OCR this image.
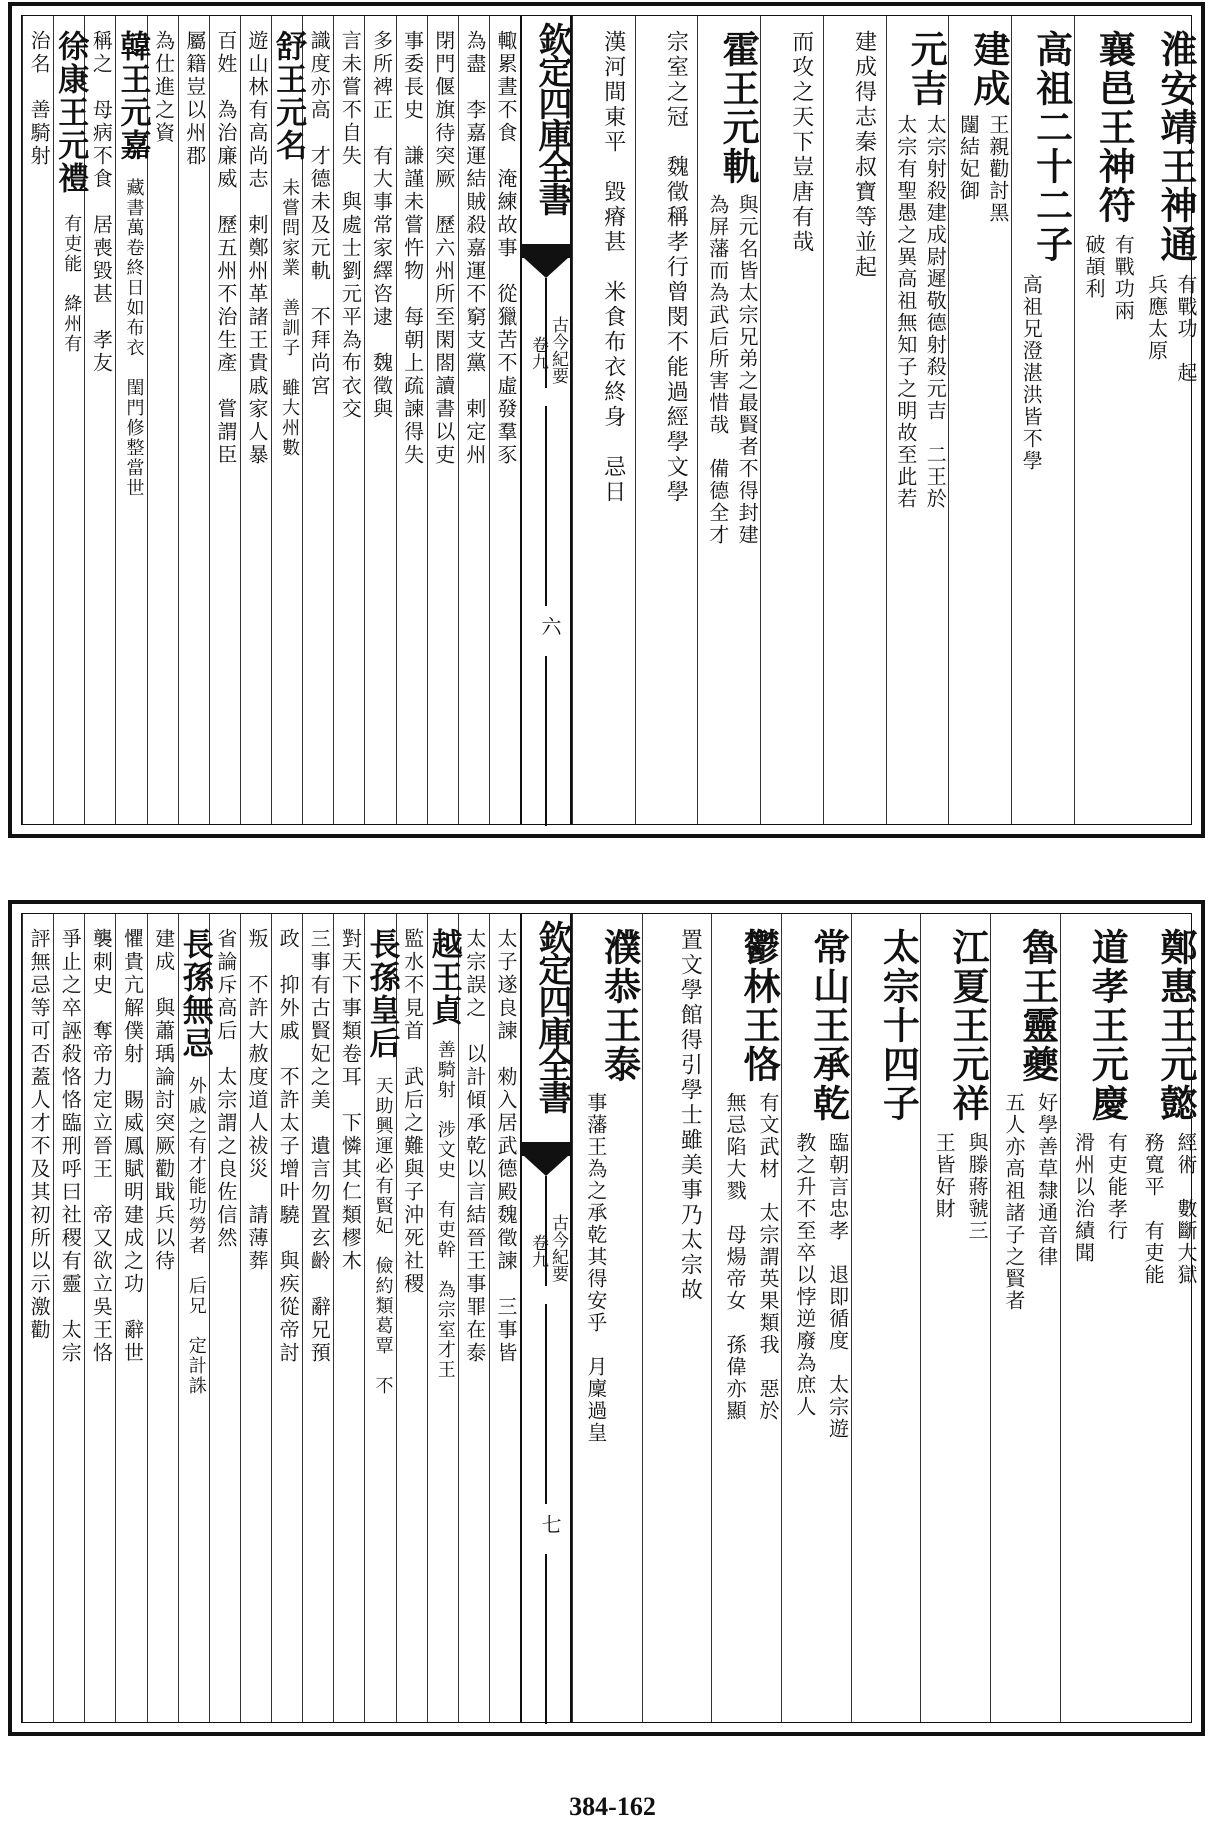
淮安靖王神通
有戰功　起
兵應太原
襄邑王神符
有戰功兩
破頡利
高祖二十二子
高祖兄澄湛洪皆不學
建成
王親勸討黑
闥結妃御
元吉
太宗射殺建成尉遲敬德射殺元吉　二王於
太宗有聖愚之異高祖無知子之明故至此若
建成得志秦叔寶等並起
而攻之天下豈唐有哉
霍王元軌
與元名皆太宗兄弟之最賢者不得封建
為屏藩而為武后所害惜哉　備德全才
宗室之冠　魏徵稱孝行曾閔不能過經學文學
漢河間東平　毀瘠甚　米食布衣終身　忌日
欽定四庫全書
卷九 古今紀要
六
輙累晝不食　淹練故事　從獵苦不虛發羣豕
為盡　李嘉運結賊殺嘉運不窮支黨　剌定州
閉門偃旗待突厥　歷六州所至閑閤讀書以吏
事委長史　謙謹未嘗忤物　每朝上疏諫得失
多所裨正　有大事常家繹咨逮　魏徵與
言未嘗不自失　與處士劉元平為布衣交
識度亦高　才德未及元軌　不拜尚宮
舒王元名
未嘗問家業　善訓子　雖大州數
遊山林有高尚志　剌鄭州革諸王貴戚家人暴
百姓　為治廉威　歷五州不治生產　嘗謂臣
屬籍豈以州郡
為仕進之資
韓王元嘉
藏書萬卷終日如布衣　閨門修整當世
稱之　母病不食　居喪毀甚　孝友
徐康王元禮
有吏能　絳州有
治名　善騎射
鄭惠王元懿
經術　數斷大獄
務寬平　有吏能
道孝王元慶
有吏能孝行
滑州以治績聞
魯王靈夔
好學善草隸通音律
五人亦高祖諸子之賢者
江夏王元祥
與滕蔣虢三
王皆好財
太宗十四子
常山王承乾
臨朝言忠孝　退即循度　太宗遊
教之升不至卒以悖逆廢為庶人
鬱林王恪
有文武材　太宗謂英果類我　惡於
無忌陷大戮　母煬帝女　孫偉亦顯
置文學館得引學士雖美事乃太宗故
濮恭王泰
事藩王為之承乾其得安乎　月廩過皇
欽定四庫全書
卷九 古今紀要
七
太子遂良諫　勑入居武德殿魏徵諫　三事皆
太宗誤之　以計傾承乾以言結晉王事罪在泰
越王貞
善騎射　涉文史　有吏幹　為宗室才王
監水不見首　武后之難與子沖死社稷
長孫皇后
天助興運必有賢妃　儉約類葛覃　不
對天下事類卷耳　下憐其仁類樛木
三事有古賢妃之美　遺言勿置玄齡　辭兄預
政　抑外戚　不許太子增叶驍　與疾從帝討
叛　不許大赦度道人祓災　請薄葬
省論斥高后　太宗謂之良佐信然
長孫無忌
外戚之有才能功勞者　后兄　定計誅
建成　與蕭瑀論討突厥勸戢兵以待
懼貴亢解僕射　賜威鳳賦明建成之功　辭世
襲刺史　奪帝力定立晉王　帝又欲立吳王恪
爭止之卒誣殺恪恪臨刑呼曰社稷有靈　太宗
評無忌等可否蓋人才不及其初所以示激勸
384-162
